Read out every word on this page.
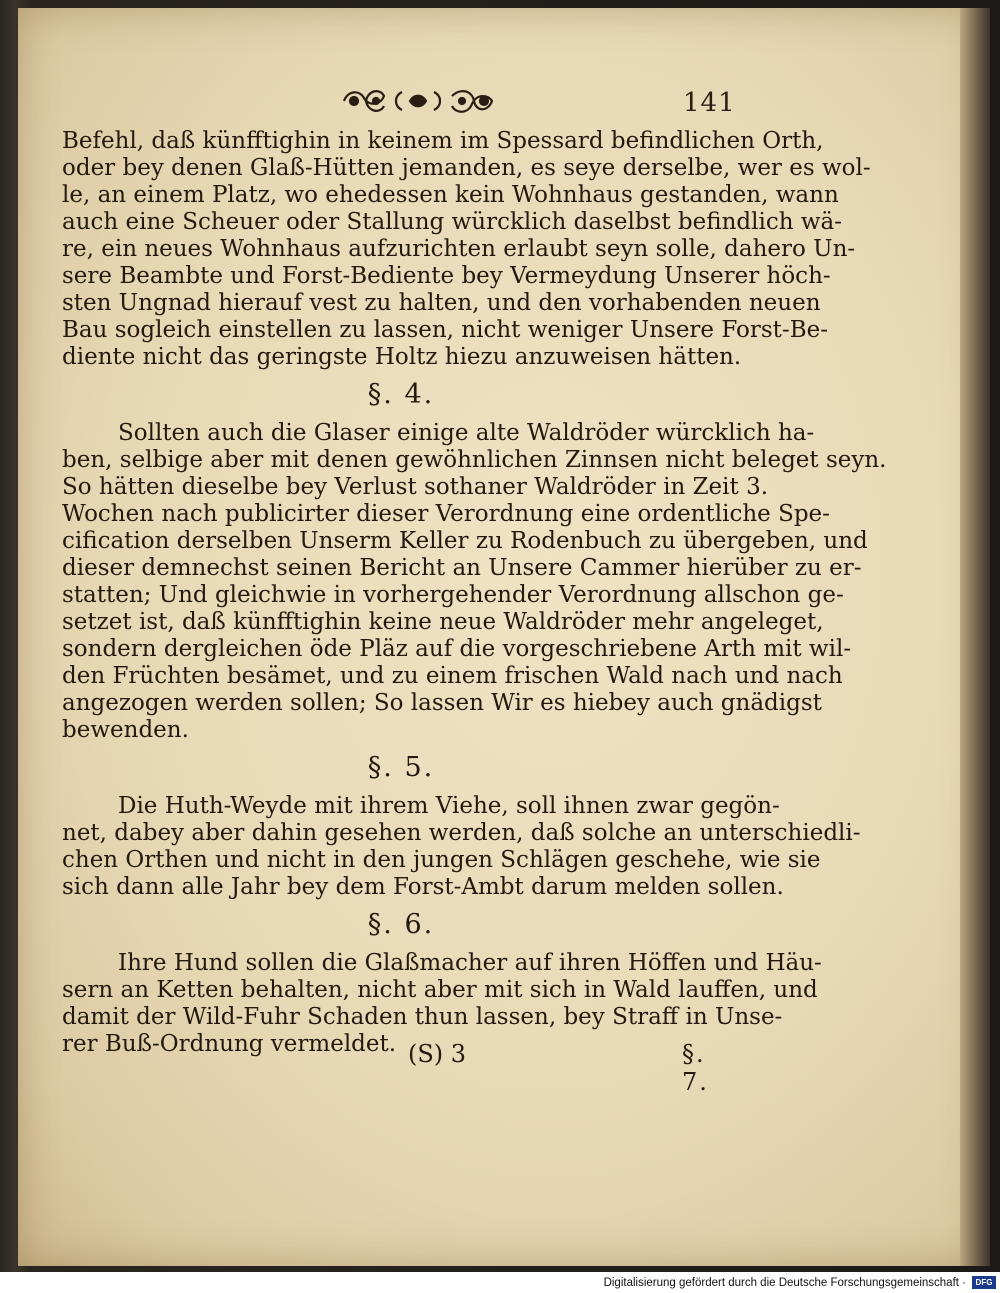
141
Befehl, daß künfftighin in keinem im Spessard befindlichen Orth,
oder bey denen Glaß-Hütten jemanden, es seye derselbe, wer es wol-
le, an einem Platz, wo ehedessen kein Wohnhaus gestanden, wann
auch eine Scheuer oder Stallung würcklich daselbst befindlich wä-
re, ein neues Wohnhaus aufzurichten erlaubt seyn solle, dahero Un-
sere Beambte und Forst-Bediente bey Vermeydung Unserer höch-
sten Ungnad hierauf vest zu halten, und den vorhabenden neuen
Bau sogleich einstellen zu lassen, nicht weniger Unsere Forst-Be-
diente nicht das geringste Holtz hiezu anzuweisen hätten.
§. 4.
Sollten auch die Glaser einige alte Waldröder würcklich ha-
ben, selbige aber mit denen gewöhnlichen Zinnsen nicht beleget seyn.
So hätten dieselbe bey Verlust sothaner Waldröder in Zeit 3.
Wochen nach publicirter dieser Verordnung eine ordentliche Spe-
cification derselben Unserm Keller zu Rodenbuch zu übergeben, und
dieser demnechst seinen Bericht an Unsere Cammer hierüber zu er-
statten; Und gleichwie in vorhergehender Verordnung allschon ge-
setzet ist, daß künfftighin keine neue Waldröder mehr angeleget,
sondern dergleichen öde Pläz auf die vorgeschriebene Arth mit wil-
den Früchten besämet, und zu einem frischen Wald nach und nach
angezogen werden sollen; So lassen Wir es hiebey auch gnädigst
bewenden.
§. 5.
Die Huth-Weyde mit ihrem Viehe, soll ihnen zwar gegön-
net, dabey aber dahin gesehen werden, daß solche an unterschiedli-
chen Orthen und nicht in den jungen Schlägen geschehe, wie sie
sich dann alle Jahr bey dem Forst-Ambt darum melden sollen.
§. 6.
Ihre Hund sollen die Glaßmacher auf ihren Höffen und Häu-
sern an Ketten behalten, nicht aber mit sich in Wald lauffen, und
damit der Wild-Fuhr Schaden thun lassen, bey Straff in Unse-
rer Buß-Ordnung vermeldet. (S) 3	§. 7.
Digitalisierung gefördert durch die Deutsche Forschungsgemeinschaft ·	DFG
